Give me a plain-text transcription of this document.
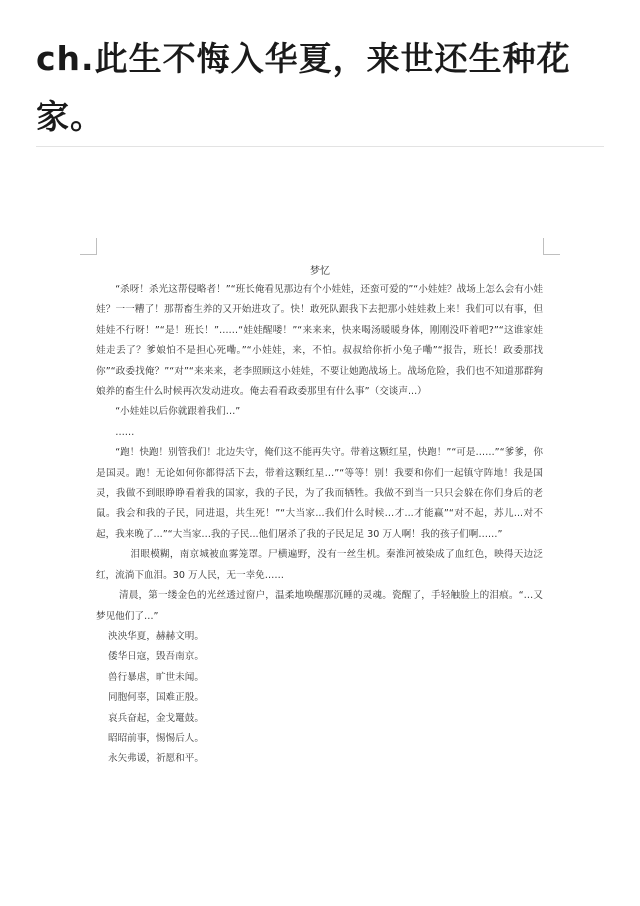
ch.此生不悔入华夏，来世还生种花家。
梦忆

“杀呀！杀光这帮侵略者！”“班长俺看见那边有个小娃娃，还蛮可爱的”“小娃娃？战场上怎么会有小娃娃？一一糟了！那帮畜生养的又开始进攻了。快！敢死队跟我下去把那小娃娃救上来！我们可以有事，但娃娃不行呀！”“是！班长！”……“娃娃醒喽！”“来来来，快来喝汤暖暖身体，刚刚没吓着吧?”“这谁家娃娃走丢了？爹娘怕不是担心死嘞。”“小娃娃，来，不怕。叔叔给你折小兔子嘞”“报告，班长！政委那找你”“政委找俺？”“对”“来来来，老李照顾这小娃娃，不要让她跑战场上。战场危险，我们也不知道那群狗娘养的畜生什么时候再次发动进攻。俺去看看政委那里有什么事”（交谈声...）

“小娃娃以后你就跟着我们…”

……

“跑！快跑！别管我们！北边失守，俺们这不能再失守。带着这颗红星，快跑！”“可是……”“爹爹，你是国灵。跑！无论如何你都得活下去，带着这颗红星…”“等等！别！我要和你们一起镇守阵地！我是国灵，我做不到眼睁睁看着我的国家，我的子民，为了我而牺牲。我做不到当一只只会躲在你们身后的老鼠。我会和我的子民，同进退，共生死！”“大当家...我们什么时候…才...才能赢”“对不起，苏儿...对不起，我来晚了...”“大当家…我的子民...他们屠杀了我的子民足足 30 万人啊！我的孩子们啊……”

泪眼模糊，南京城被血雾笼罩。尸横遍野，没有一丝生机。秦淮河被染成了血红色，映得天边泛红，流淌下血泪。30 万人民，无一幸免……

清晨，第一缕金色的光丝透过窗户，温柔地唤醒那沉睡的灵魂。瓷醒了，手轻触脸上的泪痕。“…又梦见他们了…”

泱泱华夏，赫赫文明。
倭华日寇，毁吾南京。
兽行暴虐，旷世未闻。
同胞何辜，国难正殷。
哀兵奋起，金戈鼍鼓。
昭昭前事，惕惕后人。
永矢弗谖，祈愿和平。
